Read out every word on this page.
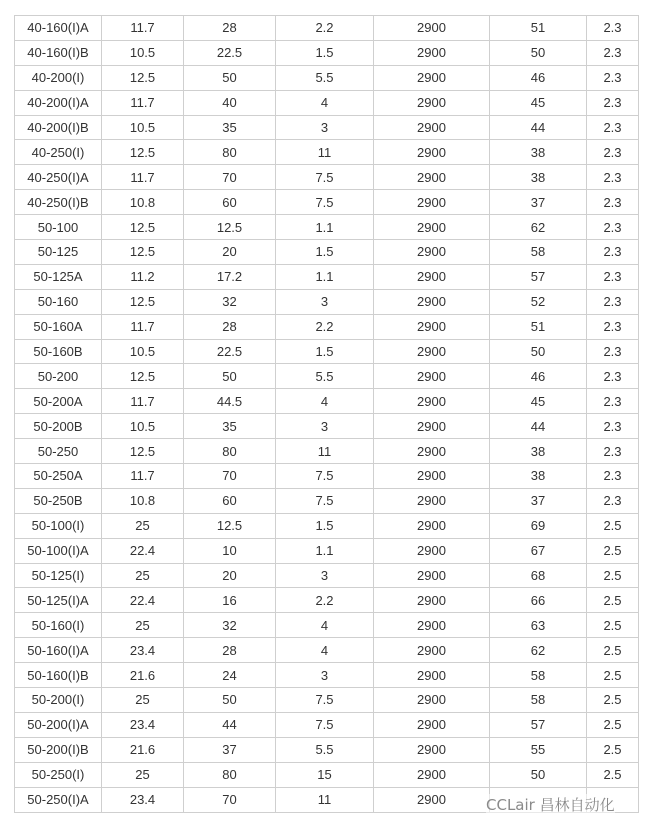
40-160(I)A	11.7	28	2.2	2900	51	2.3
40-160(I)B	10.5	22.5	1.5	2900	50	2.3
40-200(I)	12.5	50	5.5	2900	46	2.3
40-200(I)A	11.7	40	4	2900	45	2.3
40-200(I)B	10.5	35	3	2900	44	2.3
40-250(I)	12.5	80	11	2900	38	2.3
40-250(I)A	11.7	70	7.5	2900	38	2.3
40-250(I)B	10.8	60	7.5	2900	37	2.3
50-100	12.5	12.5	1.1	2900	62	2.3
50-125	12.5	20	1.5	2900	58	2.3
50-125A	11.2	17.2	1.1	2900	57	2.3
50-160	12.5	32	3	2900	52	2.3
50-160A	11.7	28	2.2	2900	51	2.3
50-160B	10.5	22.5	1.5	2900	50	2.3
50-200	12.5	50	5.5	2900	46	2.3
50-200A	11.7	44.5	4	2900	45	2.3
50-200B	10.5	35	3	2900	44	2.3
50-250	12.5	80	11	2900	38	2.3
50-250A	11.7	70	7.5	2900	38	2.3
50-250B	10.8	60	7.5	2900	37	2.3
50-100(I)	25	12.5	1.5	2900	69	2.5
50-100(I)A	22.4	10	1.1	2900	67	2.5
50-125(I)	25	20	3	2900	68	2.5
50-125(I)A	22.4	16	2.2	2900	66	2.5
50-160(I)	25	32	4	2900	63	2.5
50-160(I)A	23.4	28	4	2900	62	2.5
50-160(I)B	21.6	24	3	2900	58	2.5
50-200(I)	25	50	7.5	2900	58	2.5
50-200(I)A	23.4	44	7.5	2900	57	2.5
50-200(I)B	21.6	37	5.5	2900	55	2.5
50-250(I)	25	80	15	2900	50	2.5
50-250(I)A	23.4	70	11	2900			CCLair 昌林自动化
